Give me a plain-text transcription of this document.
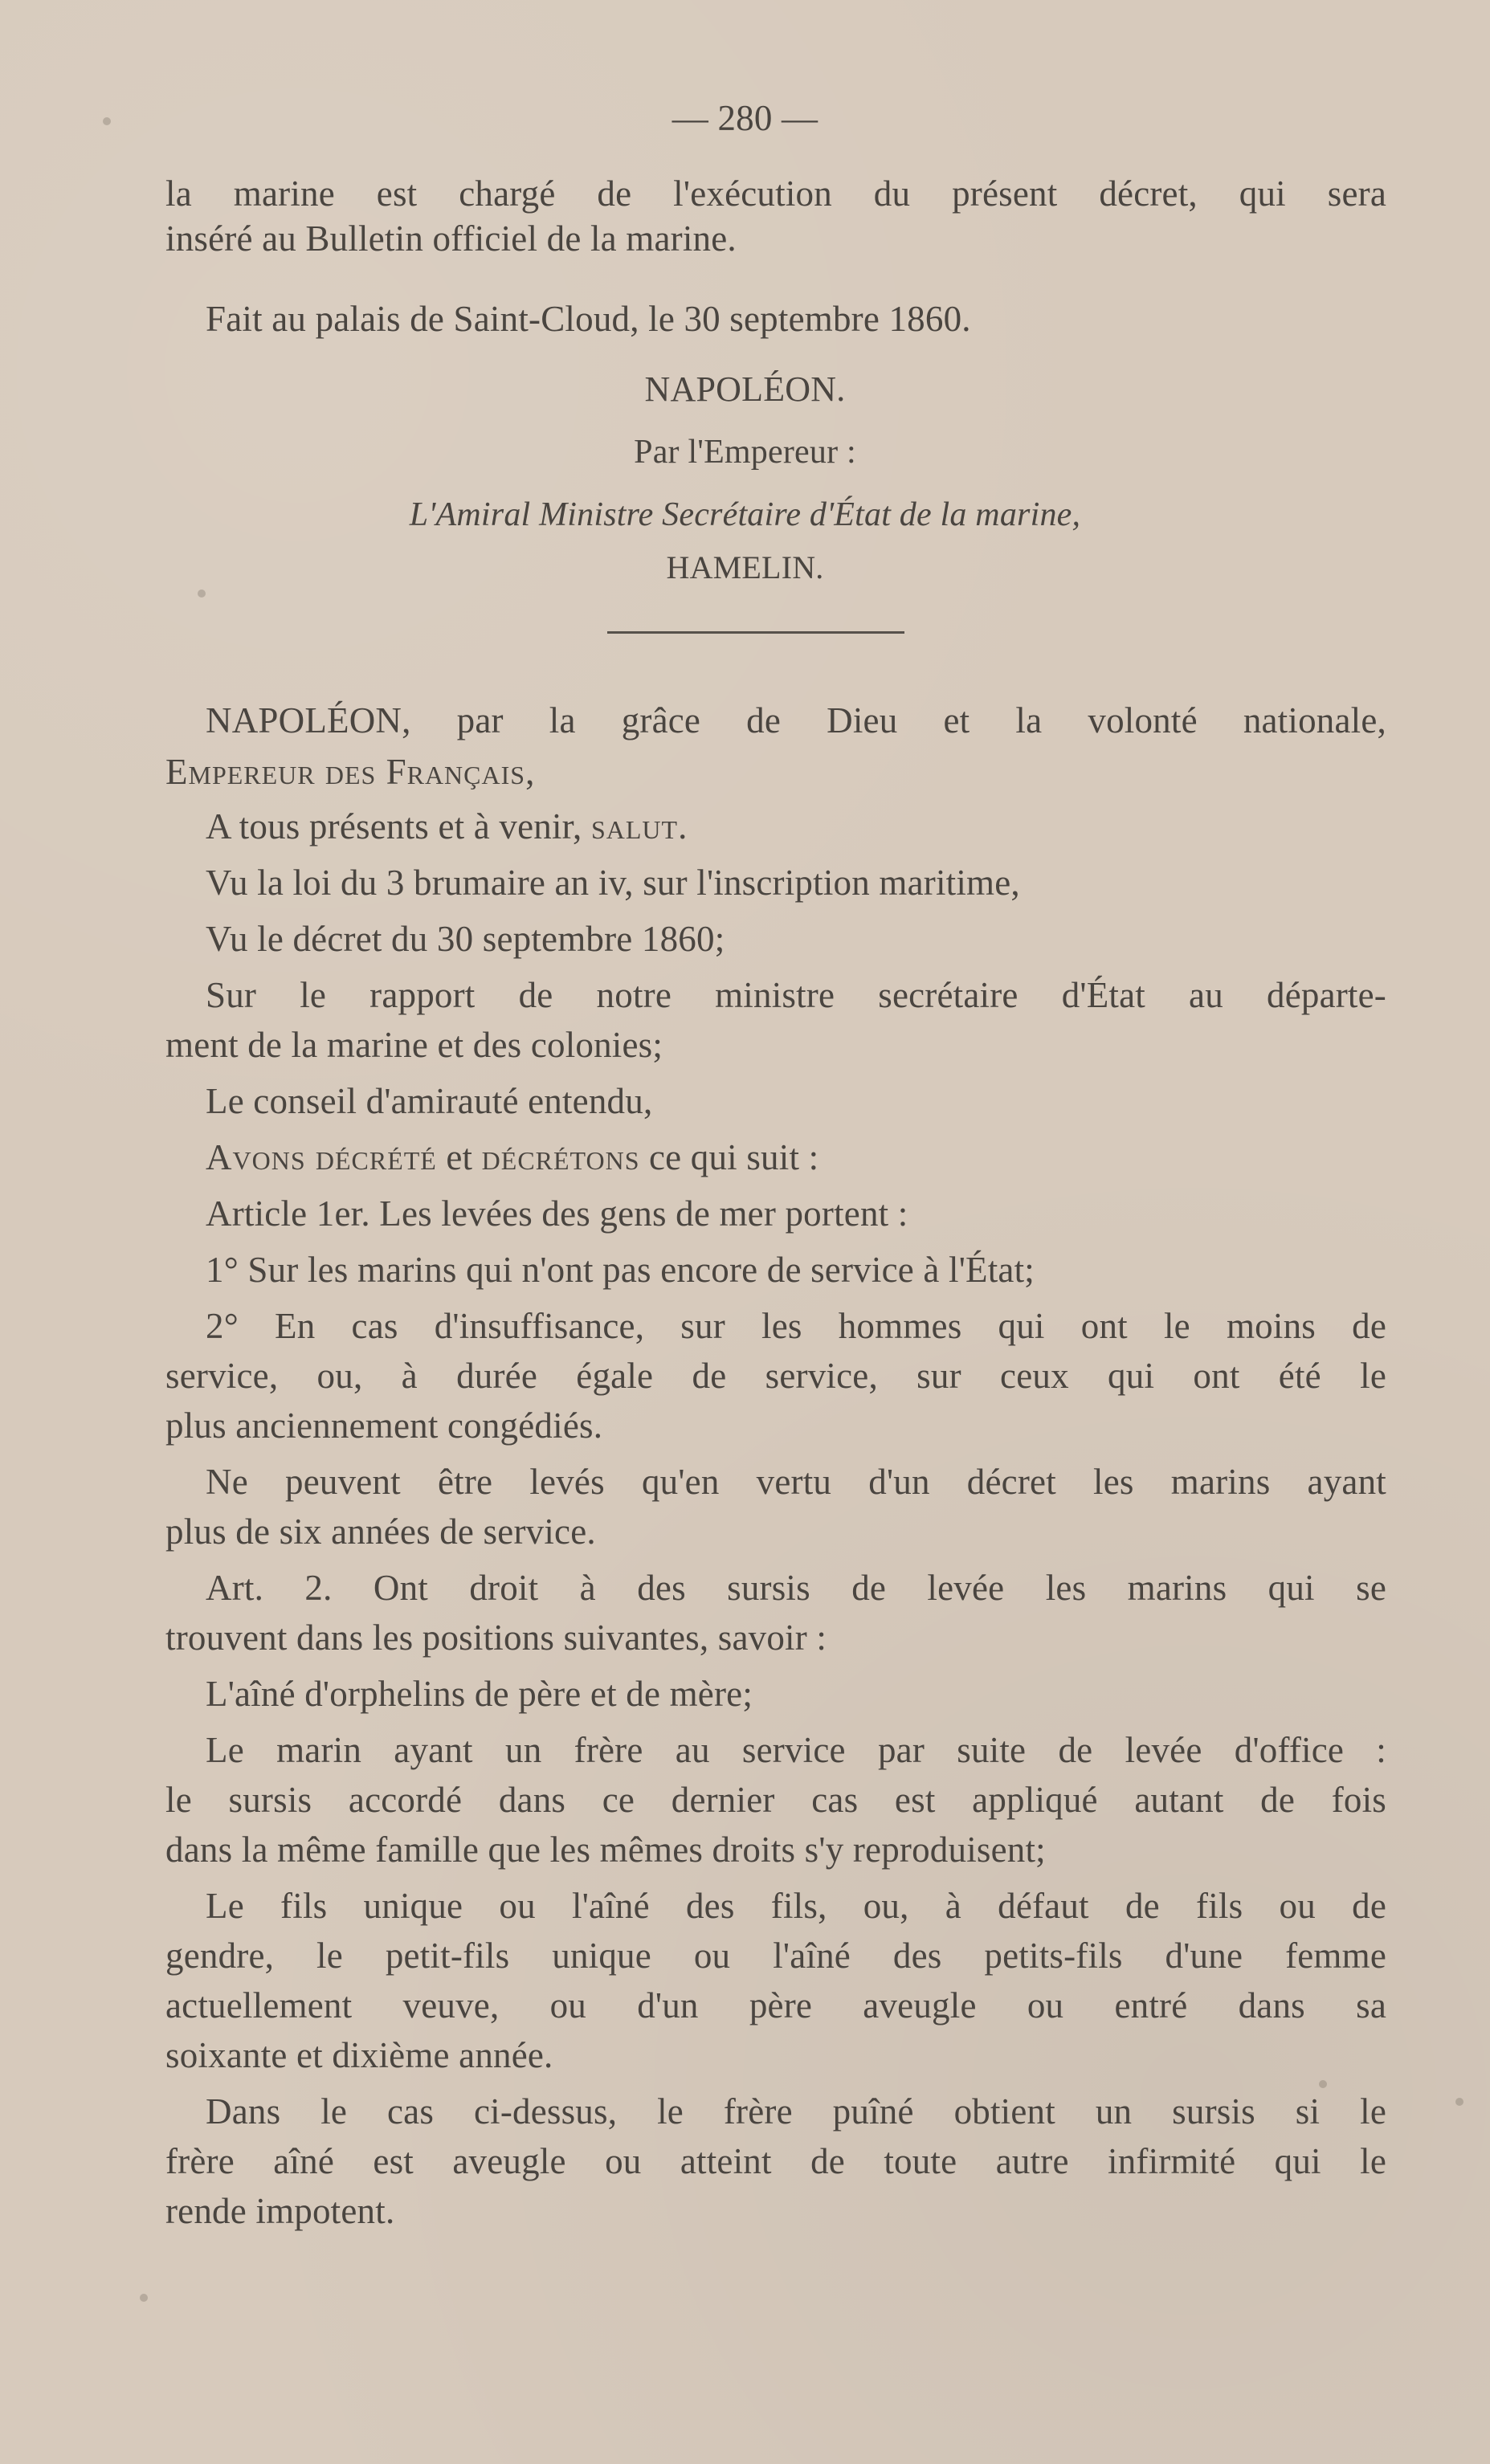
— 280 —
la marine est chargé de l'exécution du présent décret, qui sera
inséré au Bulletin officiel de la marine.
Fait au palais de Saint-Cloud, le 30 septembre 1860.
NAPOLÉON.
Par l'Empereur :
L'Amiral Ministre Secrétaire d'État de la marine,
HAMELIN.
NAPOLÉON, par la grâce de Dieu et la volonté nationale,
Empereur des Français,
A tous présents et à venir, salut.
Vu la loi du 3 brumaire an iv, sur l'inscription maritime,
Vu le décret du 30 septembre 1860;
Sur le rapport de notre ministre secrétaire d'État au départe-
ment de la marine et des colonies;
Le conseil d'amirauté entendu,
Avons décrété et décrétons ce qui suit :
Article 1er. Les levées des gens de mer portent :
1° Sur les marins qui n'ont pas encore de service à l'État;
2° En cas d'insuffisance, sur les hommes qui ont le moins de
service, ou, à durée égale de service, sur ceux qui ont été le
plus anciennement congédiés.
Ne peuvent être levés qu'en vertu d'un décret les marins ayant
plus de six années de service.
Art. 2. Ont droit à des sursis de levée les marins qui se
trouvent dans les positions suivantes, savoir :
L'aîné d'orphelins de père et de mère;
Le marin ayant un frère au service par suite de levée d'office :
le sursis accordé dans ce dernier cas est appliqué autant de fois
dans la même famille que les mêmes droits s'y reproduisent;
Le fils unique ou l'aîné des fils, ou, à défaut de fils ou de
gendre, le petit-fils unique ou l'aîné des petits-fils d'une femme
actuellement veuve, ou d'un père aveugle ou entré dans sa
soixante et dixième année.
Dans le cas ci-dessus, le frère puîné obtient un sursis si le
frère aîné est aveugle ou atteint de toute autre infirmité qui le
rende impotent.
